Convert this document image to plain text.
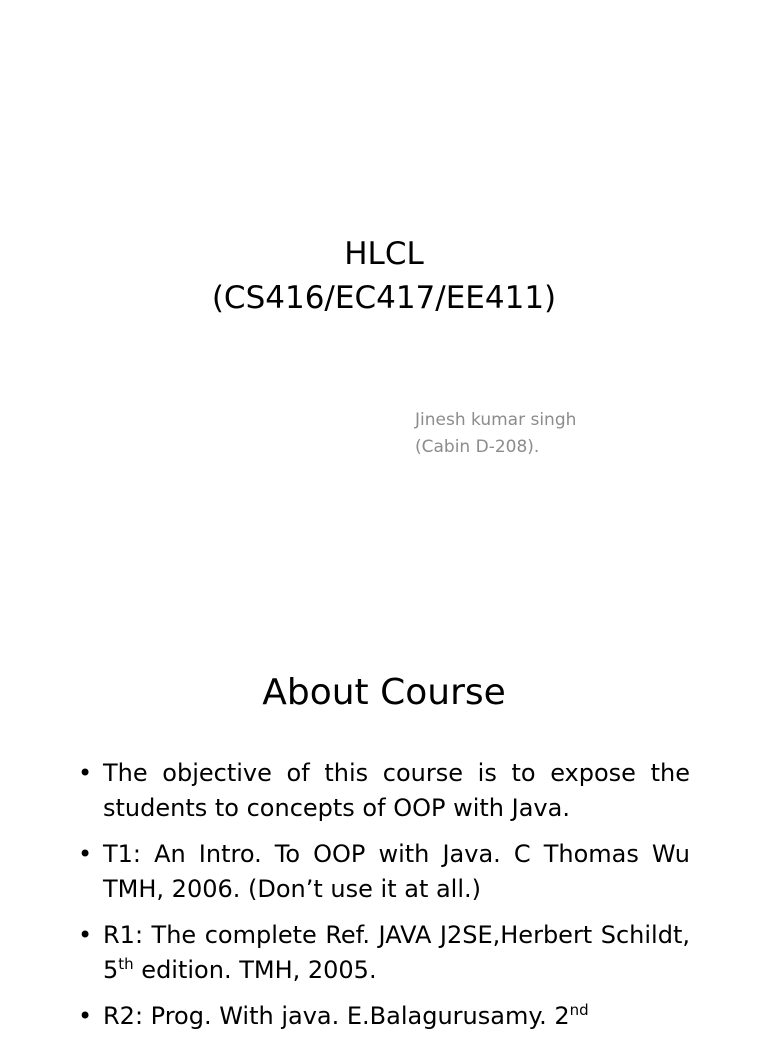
HLCL
(CS416/EC417/EE411)
Jinesh kumar singh
(Cabin D-208).
About Course
• The objective of this course is to expose the students to concepts of OOP with Java.
• T1: An Intro. To OOP with Java. C Thomas Wu TMH, 2006. (Don’t use it at all.)
• R1: The complete Ref. JAVA J2SE,Herbert Schildt, 5th edition. TMH, 2005.
• R2: Prog. With java. E.Balagurusamy. 2nd
